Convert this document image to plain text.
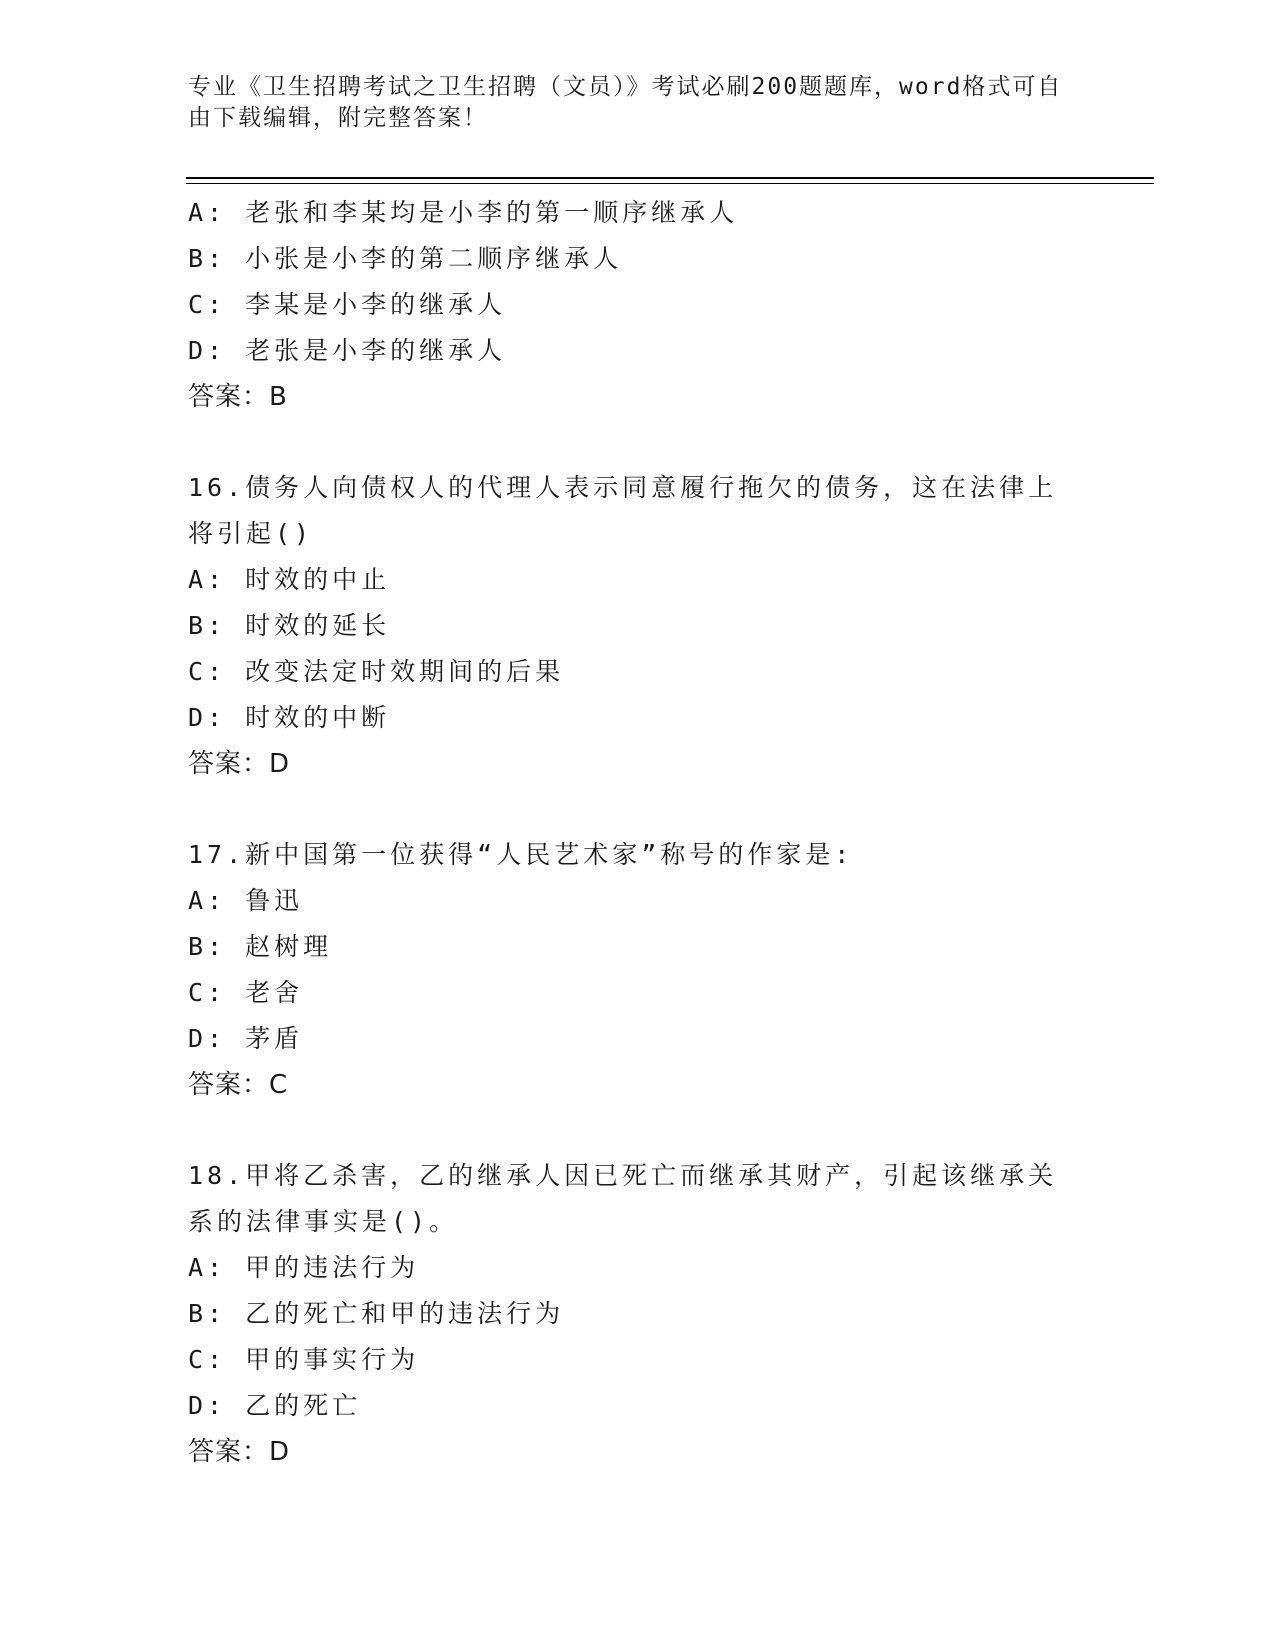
专业《卫生招聘考试之卫生招聘（文员）》考试必刷200题题库，word格式可自由下载编辑，附完整答案！
A: 老张和李某均是小李的第一顺序继承人
B: 小张是小李的第二顺序继承人
C: 李某是小李的继承人
D: 老张是小李的继承人
答案：B
16.债务人向债权人的代理人表示同意履行拖欠的债务，这在法律上将引起()
A: 时效的中止
B: 时效的延长
C: 改变法定时效期间的后果
D: 时效的中断
答案：D
17.新中国第一位获得“人民艺术家”称号的作家是:
A: 鲁迅
B: 赵树理
C: 老舍
D: 茅盾
答案：C
18.甲将乙杀害，乙的继承人因已死亡而继承其财产，引起该继承关系的法律事实是()。
A: 甲的违法行为
B: 乙的死亡和甲的违法行为
C: 甲的事实行为
D: 乙的死亡
答案：D
